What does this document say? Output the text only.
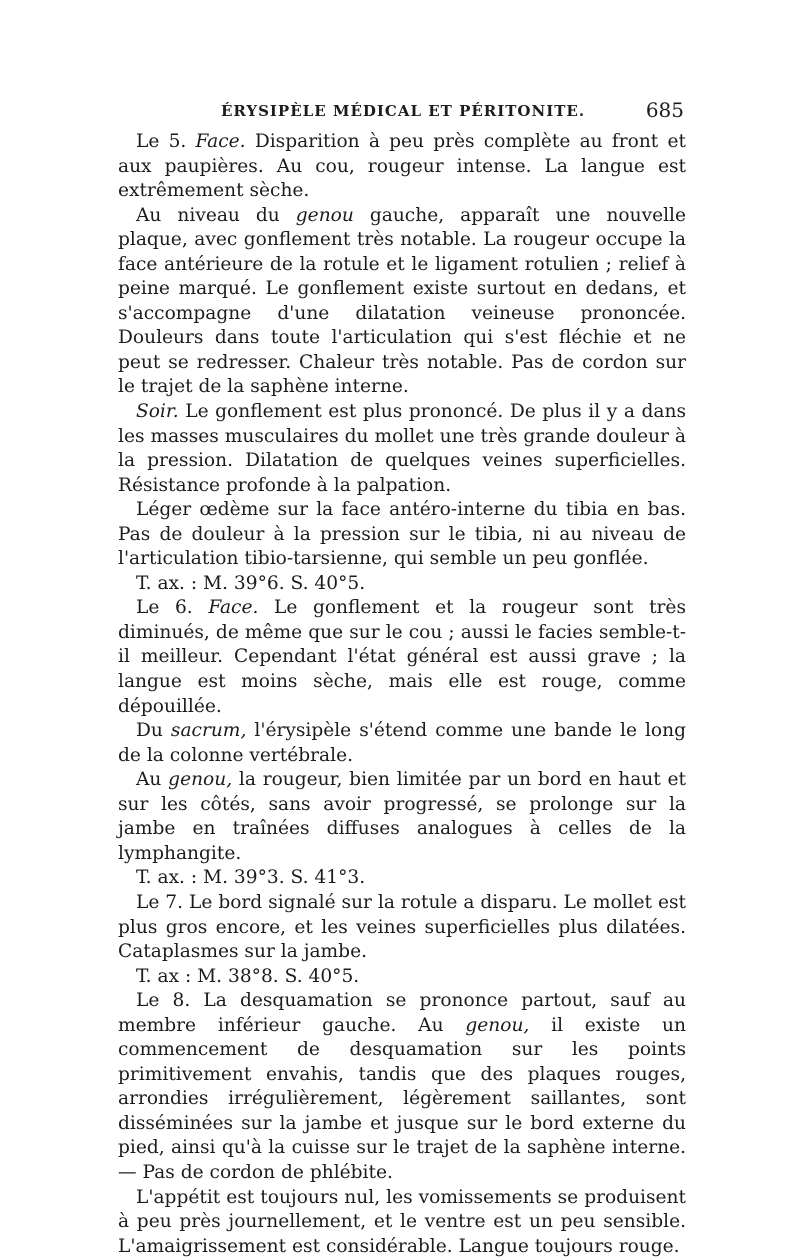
ÉRYSIPÈLE MÉDICAL ET PÉRITONITE.	685

Le 5. Face. Disparition à peu près complète au front et aux paupières. Au cou, rougeur intense. La langue est extrêmement sèche.

Au niveau du genou gauche, apparaît une nouvelle plaque, avec gonflement très notable. La rougeur occupe la face antérieure de la rotule et le ligament rotulien ; relief à peine marqué. Le gonflement existe surtout en dedans, et s'accompagne d'une dilatation veineuse prononcée. Douleurs dans toute l'articulation qui s'est fléchie et ne peut se redresser. Chaleur très notable. Pas de cordon sur le trajet de la saphène interne.

Soir. Le gonflement est plus prononcé. De plus il y a dans les masses musculaires du mollet une très grande douleur à la pression. Dilatation de quelques veines superficielles. Résistance profonde à la palpation.

Léger œdème sur la face antéro-interne du tibia en bas. Pas de douleur à la pression sur le tibia, ni au niveau de l'articulation tibio-tarsienne, qui semble un peu gonflée.

T. ax. : M. 39°6. S. 40°5.

Le 6. Face. Le gonflement et la rougeur sont très diminués, de même que sur le cou ; aussi le facies semble-t-il meilleur. Cependant l'état général est aussi grave ; la langue est moins sèche, mais elle est rouge, comme dépouillée.

Du sacrum, l'érysipèle s'étend comme une bande le long de la colonne vertébrale.

Au genou, la rougeur, bien limitée par un bord en haut et sur les côtés, sans avoir progressé, se prolonge sur la jambe en traînées diffuses analogues à celles de la lymphangite.

T. ax. : M. 39°3. S. 41°3.

Le 7. Le bord signalé sur la rotule a disparu. Le mollet est plus gros encore, et les veines superficielles plus dilatées. Cataplasmes sur la jambe.

T. ax : M. 38°8. S. 40°5.

Le 8. La desquamation se prononce partout, sauf au membre inférieur gauche. Au genou, il existe un commencement de desquamation sur les points primitivement envahis, tandis que des plaques rouges, arrondies irrégulièrement, légèrement saillantes, sont disséminées sur la jambe et jusque sur le bord externe du pied, ainsi qu'à la cuisse sur le trajet de la saphène interne. — Pas de cordon de phlébite.

L'appétit est toujours nul, les vomissements se produisent à peu près journellement, et le ventre est un peu sensible. L'amaigrissement est considérable. Langue toujours rouge.
